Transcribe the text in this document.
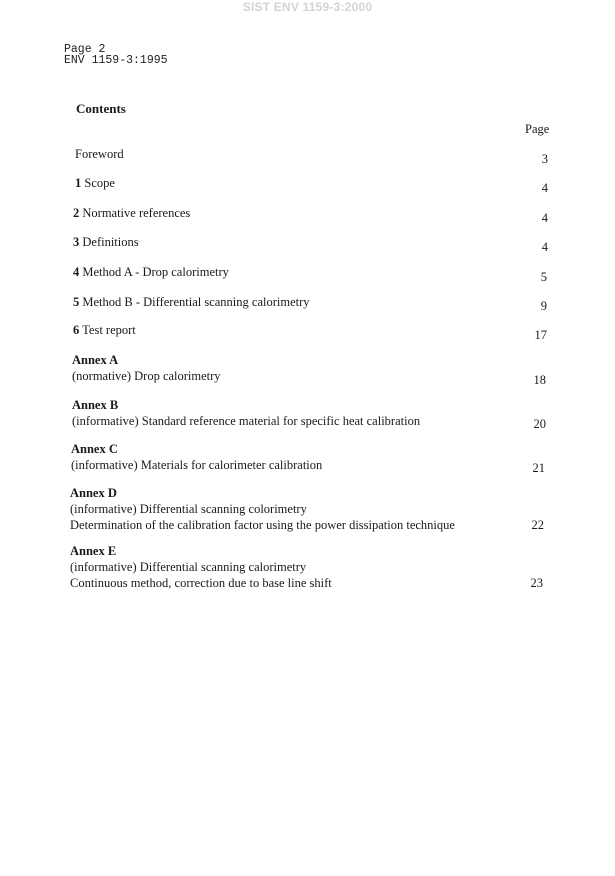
SIST ENV 1159-3:2000
Page 2
ENV 1159-3:1995
Contents
Page
Foreword	3
1 Scope	4
2 Normative references	4
3 Definitions	4
4 Method A - Drop calorimetry	5
5 Method B - Differential scanning calorimetry	9
6 Test report	17
Annex A
(normative) Drop calorimetry	18
Annex B
(informative) Standard reference material for specific heat calibration	20
Annex C
(informative) Materials for calorimeter calibration	21
Annex D
(informative) Differential scanning colorimetry
Determination of the calibration factor using the power dissipation technique	22
Annex E
(informative) Differential scanning calorimetry
Continuous method, correction due to base line shift	23
